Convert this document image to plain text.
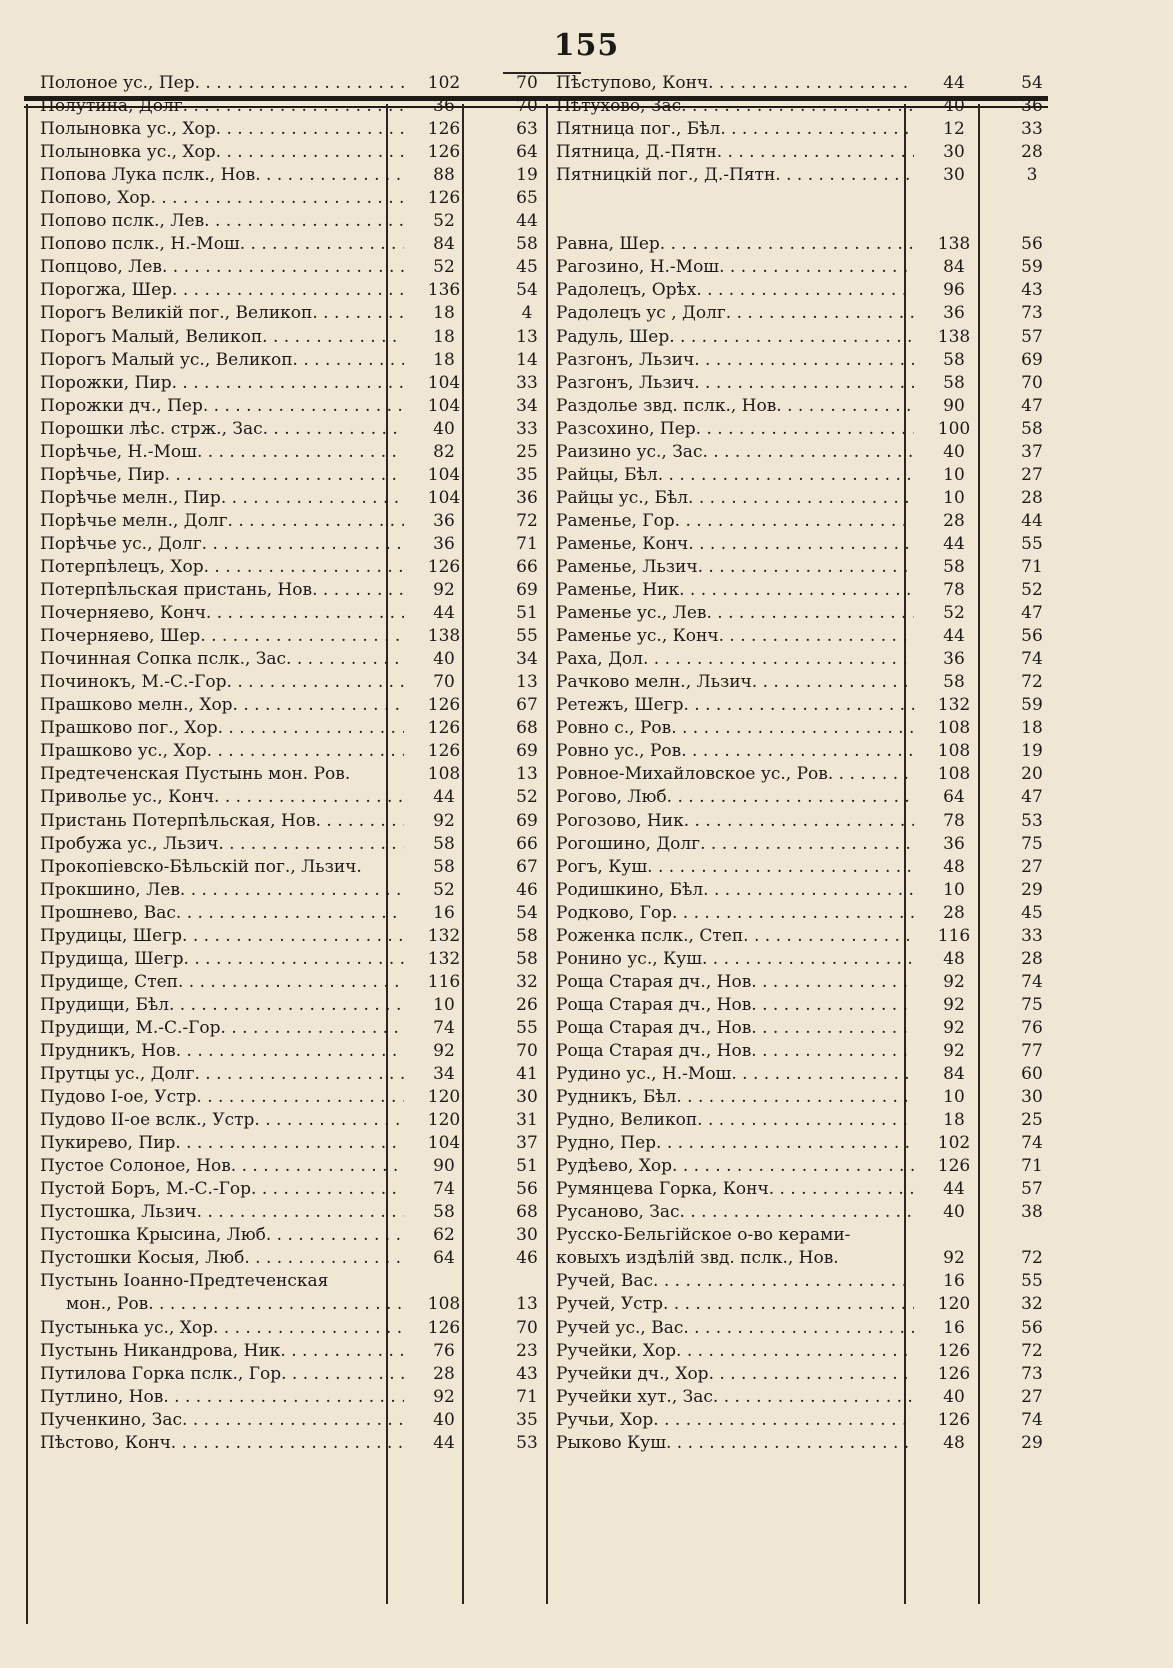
155
Полоное ус., Пер. . . . . . .	102	70
Полутина, Долг. . . .	36	70
Полыновка ус., Хор. . . .	126	63
Полыновка ус., Хор. . . .	126	64
Попова Лука пслк., Нов. . . .	88	19
Попово, Хор. . . .	126	65
Попово пслк., Лев. . . .	52	44
Попово пслк., Н.-Мош. . . .	84	58
Попцово, Лев. . . .	52	45
Порогжа, Шер. . . .	136	54
Порогъ Великій пог., Великоп. . . .	18	4
Порогъ Малый, Великоп. . . .	18	13
Порогъ Малый ус., Великоп. . . .	18	14
Порожки, Пир. . . .	104	33
Порожки дч., Пер. . . .	104	34
Порошки лѣс. стрж., Зас. . . .	40	33
Порѣчье, Н.-Мош. . . .	82	25
Порѣчье, Пир. . . .	104	35
Порѣчье мелн., Пир. . . .	104	36
Порѣчье мелн., Долг. . . .	36	72
Порѣчье ус., Долг. . . .	36	71
Потерпѣлецъ, Хор. . . .	126	66
Потерпѣльская пристань, Нов. . . .	92	69
Почерняево, Конч. . . .	44	51
Почерняево, Шер. . . .	138	55
Починная Сопка пслк., Зас. . . .	40	34
Починокъ, М.-С.-Гор. . . .	70	13
Прашково мелн., Хор. . . .	126	67
Прашково пог., Хор. . . .	126	68
Прашково ус., Хор. . . .	126	69
Предтеченская Пустынь мон. Ров.	108	13
Приволье ус., Конч. . . .	44	52
Пристань Потерпѣльская, Нов. . . .	92	69
Пробужа ус., Льзич. . . .	58	66
Прокопіевско-Бѣльскій пог., Льзич.	58	67
Прокшино, Лев. . . .	52	46
Прошнево, Вас. . . .	16	54
Прудицы, Шегр. . . .	132	58
Прудища, Шегр. . . .	132	58
Прудище, Степ. . . .	116	32
Прудищи, Бѣл. . . .	10	26
Прудищи, М.-С.-Гор. . . .	74	55
Прудникъ, Нов. . . .	92	70
Прутцы ус., Долг. . . .	34	41
Пудово І-ое, Устр. . . .	120	30
Пудово ІІ-ое вслк., Устр. . . .	120	31
Пукирево, Пир. . . .	104	37
Пустое Солоное, Нов. . . .	90	51
Пустой Боръ, М.-С.-Гор. . . .	74	56
Пустошка, Льзич. . . .	58	68
Пустошка Крысина, Люб. . . .	62	30
Пустошки Косыя, Люб. . . .	64	46
Пустынь Іоанно-Предтеченская
мон., Ров. . . .	108	13
Пустынька ус., Хор. . . .	126	70
Пустынь Никандрова, Ник. . . .	76	23
Путилова Горка пслк., Гор. . . .	28	43
Путлино, Нов. . . .	92	71
Пученкино, Зас. . . .	40	35
Пѣстово, Конч. . . .	44	53
Пѣступово, Конч. . . .	44	54
Пѣтухово, Зас. . . .	40	36
Пятница пог., Бѣл. . . .	12	33
Пятница, Д.-Пятн. . . .	30	28
Пятницкій пог., Д.-Пятн. . . .	30	3
Равна, Шер. . . .	138	56
Рагозино, Н.-Мош. . . .	84	59
Радолецъ, Орѣх. . . .	96	43
Радолецъ ус , Долг. . . .	36	73
Радуль, Шер. . . .	138	57
Разгонъ, Льзич. . . .	58	69
Разгонъ, Льзич. . . .	58	70
Раздолье звд. пслк., Нов. . . .	90	47
Разсохино, Пер. . . .	100	58
Раизино ус., Зас. . . .	40	37
Райцы, Бѣл. . . .	10	27
Райцы ус., Бѣл. . . .	10	28
Раменье, Гор. . . .	28	44
Раменье, Конч. . . .	44	55
Раменье, Льзич. . . .	58	71
Раменье, Ник. . . .	78	52
Раменье ус., Лев. . . .	52	47
Раменье ус., Конч. . . .	44	56
Раха, Дол. . . .	36	74
Рачково мелн., Льзич. . . .	58	72
Ретежъ, Шегр. . . .	132	59
Ровно с., Ров. . . .	108	18
Ровно ус., Ров. . . .	108	19
Ровное-Михайловское ус., Ров. . . .	108	20
Рогово, Люб. . . .	64	47
Рогозово, Ник. . . .	78	53
Рогошино, Долг. . . .	36	75
Рогъ, Куш. . . .	48	27
Родишкино, Бѣл. . . .	10	29
Родково, Гор. . . .	28	45
Роженка пслк., Степ. . . .	116	33
Ронино ус., Куш. . . .	48	28
Роща Старая дч., Нов. . . .	92	74
Роща Старая дч., Нов. . . .	92	75
Роща Старая дч., Нов. . . .	92	76
Роща Старая дч., Нов. . . .	92	77
Рудино ус., Н.-Мош. . . .	84	60
Рудникъ, Бѣл. . . .	10	30
Рудно, Великоп. . . .	18	25
Рудно, Пер. . . .	102	74
Рудѣево, Хор. . . .	126	71
Румянцева Горка, Конч. . . .	44	57
Русаново, Зас. . . .	40	38
Русско-Бельгійское о-во керами-
ковыхъ издѣлій звд. пслк., Нов.	92	72
Ручей, Вас. . . .	16	55
Ручей, Устр. . . .	120	32
Ручей ус., Вас. . . .	16	56
Ручейки, Хор. . . .	126	72
Ручейки дч., Хор. . . .	126	73
Ручейки хут., Зас. . . .	40	27
Ручьи, Хор. . . .	126	74
Рыково Куш. . . .	48	29
